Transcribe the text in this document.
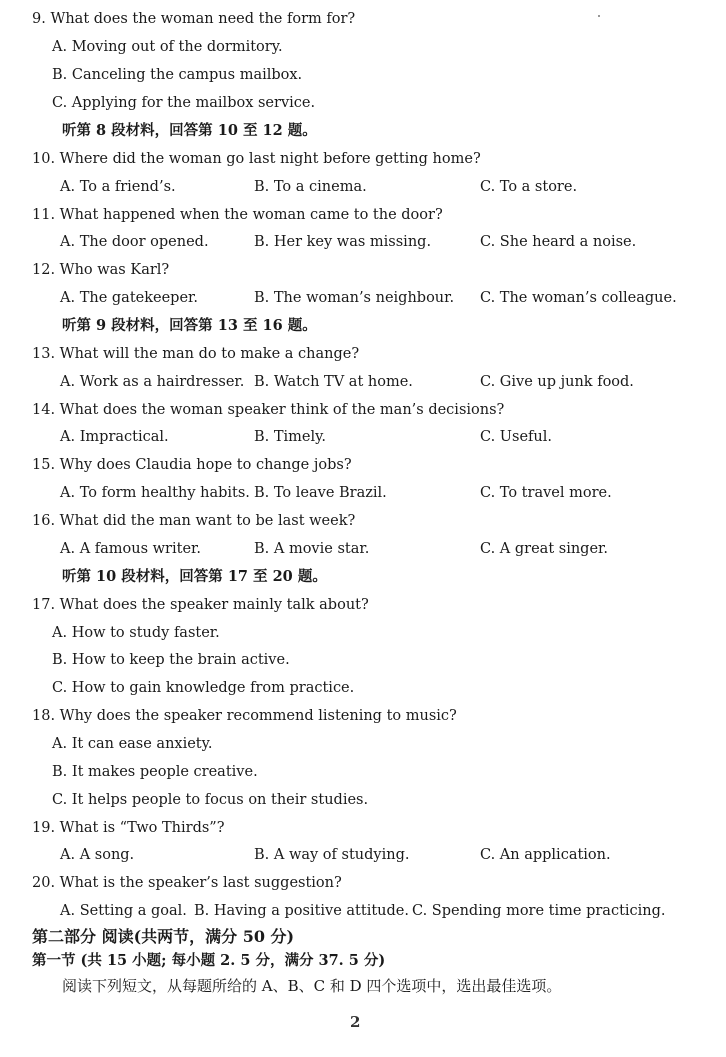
2
9. What does the woman need the form for?
A. Moving out of the dormitory.
B. Canceling the campus mailbox.
C. Applying for the mailbox service.
听第 8 段材料，回答第 10 至 12 题。
10. Where did the woman go last night before getting home?
A. To a friend’s.	B. To a cinema.	C. To a store.
11. What happened when the woman came to the door?
A. The door opened.	B. Her key was missing.	C. She heard a noise.
12. Who was Karl?
A. The gatekeeper.	B. The woman’s neighbour. C. The woman’s colleague.
听第 9 段材料，回答第 13 至 16 题。
13. What will the man do to make a change?
A. Work as a hairdresser. B. Watch TV at home.	C. Give up junk food.
14. What does the woman speaker think of the man’s decisions?
A. Impractical.	B. Timely.	C. Useful.
15. Why does Claudia hope to change jobs?
A. To form healthy habits. B. To leave Brazil.	C. To travel more.
16. What did the man want to be last week?
A. A famous writer.	B. A movie star.	C. A great singer.
听第 10 段材料，回答第 17 至 20 题。
17. What does the speaker mainly talk about?
A. How to study faster.
B. How to keep the brain active.
C. How to gain knowledge from practice.
18. Why does the speaker recommend listening to music?
A. It can ease anxiety.
B. It makes people creative.
C. It helps people to focus on their studies.
19. What is “Two Thirds”?
A. A song.	B. A way of studying.	C. An application.
20. What is the speaker’s last suggestion?
A. Setting a goal. B. Having a positive attitude. C. Spending more time practicing.
第二部分 阅读(共两节，满分 50 分)
第一节 (共 15 小题; 每小题 2. 5 分，满分 37. 5 分)
阅读下列短文，从每题所给的 A、B、C 和 D 四个选项中，选出最佳选项。
